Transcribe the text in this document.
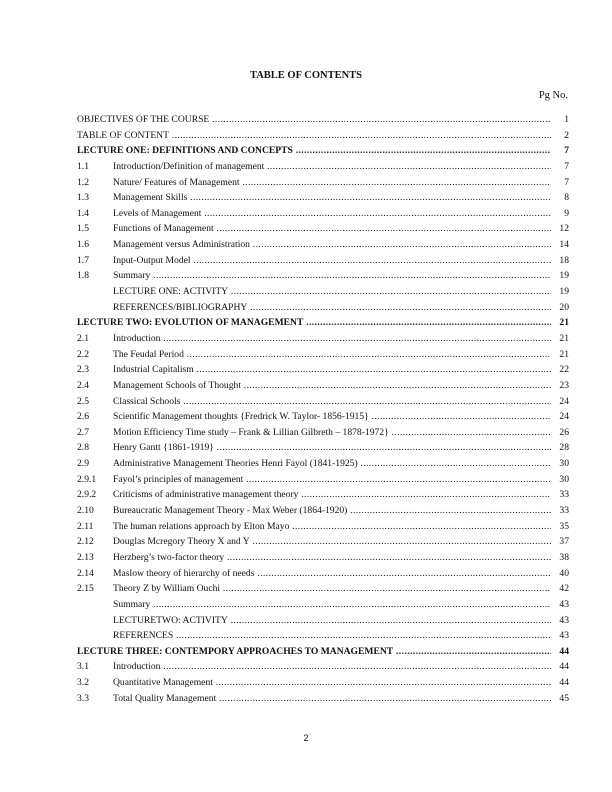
TABLE OF CONTENTS
Pg No.
OBJECTIVES OF THE COURSE .....	1
TABLE OF CONTENT .....	2
LECTURE ONE: DEFINITIONS AND CONCEPTS .....	7
1.1	Introduction/Definition of management .....	7
1.2	Nature/ Features of Management .....	7
1.3	Management Skills .....	8
1.4	Levels of Management .....	9
1.5	Functions of Management .....	12
1.6	Management versus Administration .....	14
1.7	Input-Output Model .....	18
1.8	Summary .....	19
LECTURE ONE: ACTIVITY .....	19
REFERENCES/BIBLIOGRAPHY .....	20
LECTURE TWO: EVOLUTION OF MANAGEMENT .....	21
2.1	Introduction .....	21
2.2	The Feudal Period .....	21
2.3	Industrial Capitalism .....	22
2.4	Management Schools of Thought .....	23
2.5	Classical Schools .....	24
2.6	Scientific Management thoughts {Fredrick W. Taylor- 1856-1915} .....	24
2.7	Motion Efficiency Time study – Frank & Lillian Gilbreth – 1878-1972} .....	26
2.8	Henry Gantt {1861-1919} .....	28
2.9	Administrative Management Theories Henri Fayol (1841-1925) .....	30
2.9.1	Fayol’s principles of management .....	30
2.9.2	Criticisms of administrative management theory .....	33
2.10	Bureaucratic Management Theory - Max Weber (1864-1920) .....	33
2.11	The human relations approach by Elton Mayo .....	35
2.12	Douglas Mcregory Theory X and Y .....	37
2.13	Herzberg’s two-factor theory .....	38
2.14	Maslow theory of hierarchy of needs .....	40
2.15	Theory Z by William Ouchi .....	42
Summary .....	43
LECTURETWO: ACTIVITY .....	43
REFERENCES .....	43
LECTURE THREE: CONTEMPORY APPROACHES TO MANAGEMENT .....	44
3.1	Introduction .....	44
3.2	Quantitative Management .....	44
3.3	Total Quality Management .....	45
2
